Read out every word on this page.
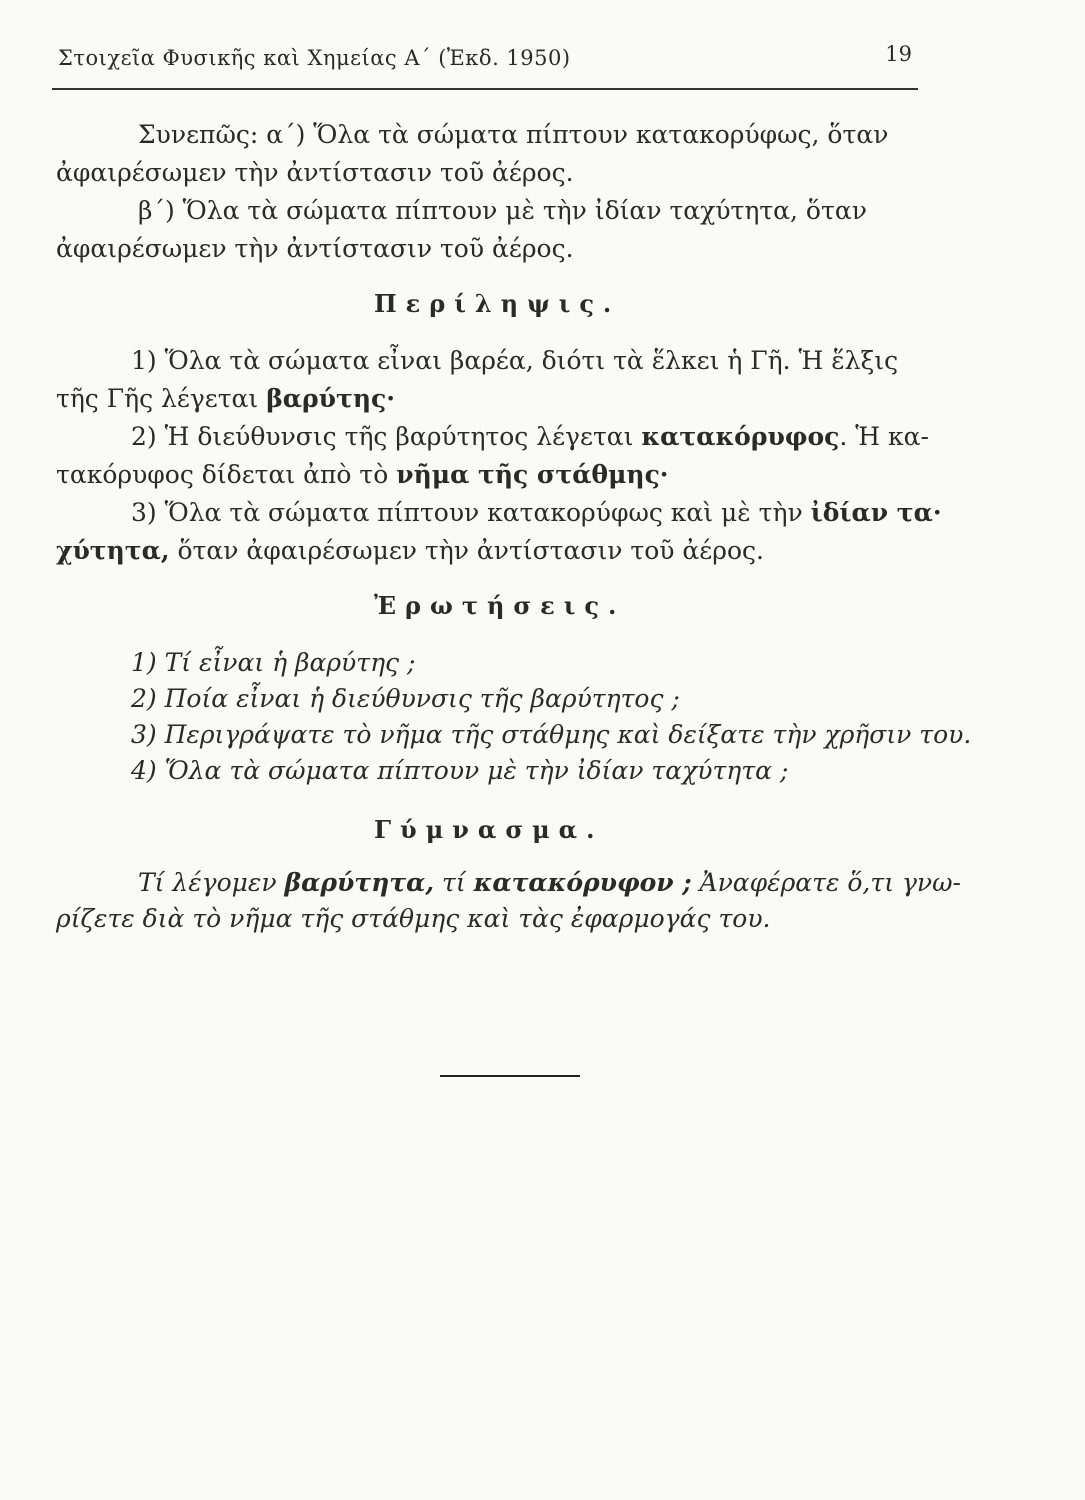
Στοιχεῖα Φυσικῆς καὶ Χημείας Α΄ (Ἐκδ. 1950)	19
Συνεπῶς: α΄) Ὅλα τὰ σώματα πίπτουν κατακορύφως, ὅταν
ἀφαιρέσωμεν τὴν ἀντίστασιν τοῦ ἀέρος.
β΄) Ὅλα τὰ σώματα πίπτουν μὲ τὴν ἰδίαν ταχύτητα, ὅταν
ἀφαιρέσωμεν τὴν ἀντίστασιν τοῦ ἀέρος.
Περίληψις.
1) Ὅλα τὰ σώματα εἶναι βαρέα, διότι τὰ ἕλκει ἡ Γῆ. Ἡ ἕλξις
τῆς Γῆς λέγεται βαρύτης·
2) Ἡ διεύθυνσις τῆς βαρύτητος λέγεται κατακόρυφος. Ἡ κα-
τακόρυφος δίδεται ἀπὸ τὸ νῆμα τῆς στάθμης·
3) Ὅλα τὰ σώματα πίπτουν κατακορύφως καὶ μὲ τὴν ἰδίαν τα·
χύτητα, ὅταν ἀφαιρέσωμεν τὴν ἀντίστασιν τοῦ ἀέρος.
Ἐρωτήσεις.
1) Τί εἶναι ἡ βαρύτης ;
2) Ποία εἶναι ἡ διεύθυνσις τῆς βαρύτητος ;
3) Περιγράψατε τὸ νῆμα τῆς στάθμης καὶ δείξατε τὴν χρῆσιν του.
4) Ὅλα τὰ σώματα πίπτουν μὲ τὴν ἰδίαν ταχύτητα ;
Γύμνασμα.
Τί λέγομεν βαρύτητα, τί κατακόρυφον ; Ἀναφέρατε ὅ,τι γνω-
ρίζετε διὰ τὸ νῆμα τῆς στάθμης καὶ τὰς ἐφαρμογάς του.
